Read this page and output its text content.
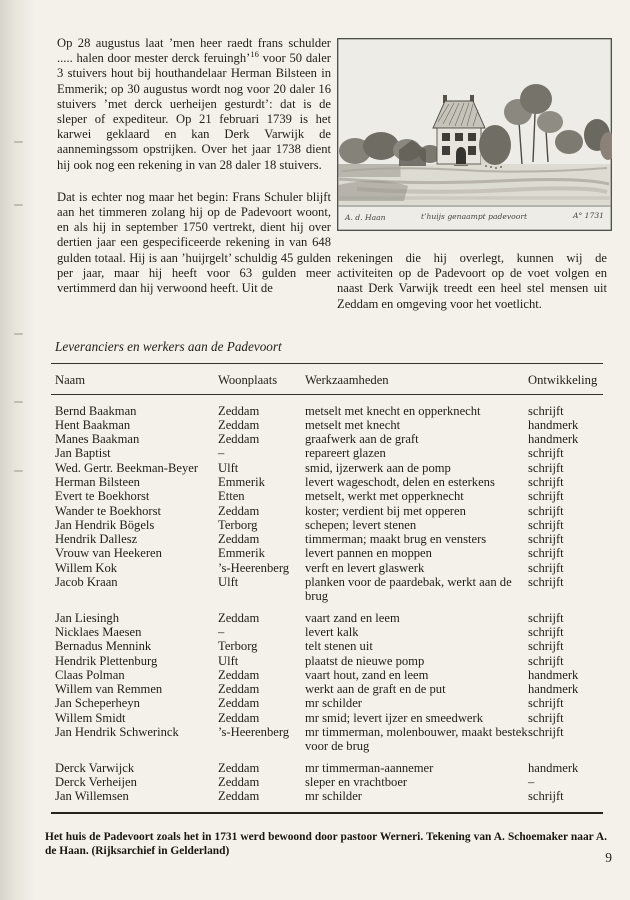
Op 28 augustus laat ’men heer raedt frans schulder ..... halen door mester derck feruingh’$^{16}$ voor 50 daler 3 stuivers hout bij houthandelaar Herman Bilsteen in Emmerik; op 30 augustus wordt nog voor 20 daler 16 stuivers ’met derck uerheijen gesturdt’: dat is de sleper of expediteur. Op 21 februari 1739 is het karwei geklaard en kan Derk Varwijk de aannemingssom opstrijken. Over het jaar 1738 dient hij ook nog een rekening in van 28 daler 18 stuivers.

Dat is echter nog maar het begin: Frans Schuler blijft aan het timmeren zolang hij op de Padevoort woont, en als hij in september 1750 vertrekt, dient hij over dertien jaar een gespecificeerde rekening in van 648 gulden totaal. Hij is aan ’huijrgelt’ schuldig 45 gulden per jaar, maar hij heeft voor 63 gulden meer vertimmerd dan hij verwoond heeft. Uit de

A. d. Haan	t’huijs genaampt padevoort	A° 1731

rekeningen die hij overlegt, kunnen wij de activiteiten op de Padevoort op de voet volgen en naast Derk Varwijk treedt een heel stel mensen uit Zeddam en omgeving voor het voetlicht.

Leveranciers en werkers aan de Padevoort
Naam	Woonplaats	Werkzaamheden	Ontwikkeling
Bernd Baakman	Zeddam	metselt met knecht en opperknecht	schrijft
Hent Baakman	Zeddam	metselt met knecht	handmerk
Manes Baakman	Zeddam	graafwerk aan de graft	handmerk
Jan Baptist	–	repareert glazen	schrijft
Wed. Gertr. Beekman-Beyer	Ulft	smid, ijzerwerk aan de pomp	schrijft
Herman Bilsteen	Emmerik	levert wageschodt, delen en esterkens	schrijft
Evert te Boekhorst	Etten	metselt, werkt met opperknecht	schrijft
Wander te Boekhorst	Zeddam	koster; verdient bij met opperen	schrijft
Jan Hendrik Bögels	Terborg	schepen; levert stenen	schrijft
Hendrik Dallesz	Zeddam	timmerman; maakt brug en vensters	schrijft
Vrouw van Heekeren	Emmerik	levert pannen en moppen	schrijft
Willem Kok	’s-Heerenberg	verft en levert glaswerk	schrijft
Jacob Kraan	Ulft	planken voor de paardebak, werkt aan de brug	schrijft
Jan Liesingh	Zeddam	vaart zand en leem	schrijft
Nicklaes Maesen	–	levert kalk	schrijft
Bernadus Mennink	Terborg	telt stenen uit	schrijft
Hendrik Plettenburg	Ulft	plaatst de nieuwe pomp	schrijft
Claas Polman	Zeddam	vaart hout, zand en leem	handmerk
Willem van Remmen	Zeddam	werkt aan de graft en de put	handmerk
Jan Scheperheyn	Zeddam	mr schilder	schrijft
Willem Smidt	Zeddam	mr smid; levert ijzer en smeedwerk	schrijft
Jan Hendrik Schwerinck	’s-Heerenberg	mr timmerman, molenbouwer, maakt bestek voor de brug	schrijft
Derck Varwijck	Zeddam	mr timmerman-aannemer	handmerk
Derck Verheijen	Zeddam	sleper en vrachtboer	–
Jan Willemsen	Zeddam	mr schilder	schrijft

Het huis de Padevoort zoals het in 1731 werd bewoond door pastoor Werneri. Tekening van A. Schoemaker naar A. de Haan. (Rijksarchief in Gelderland)	9
